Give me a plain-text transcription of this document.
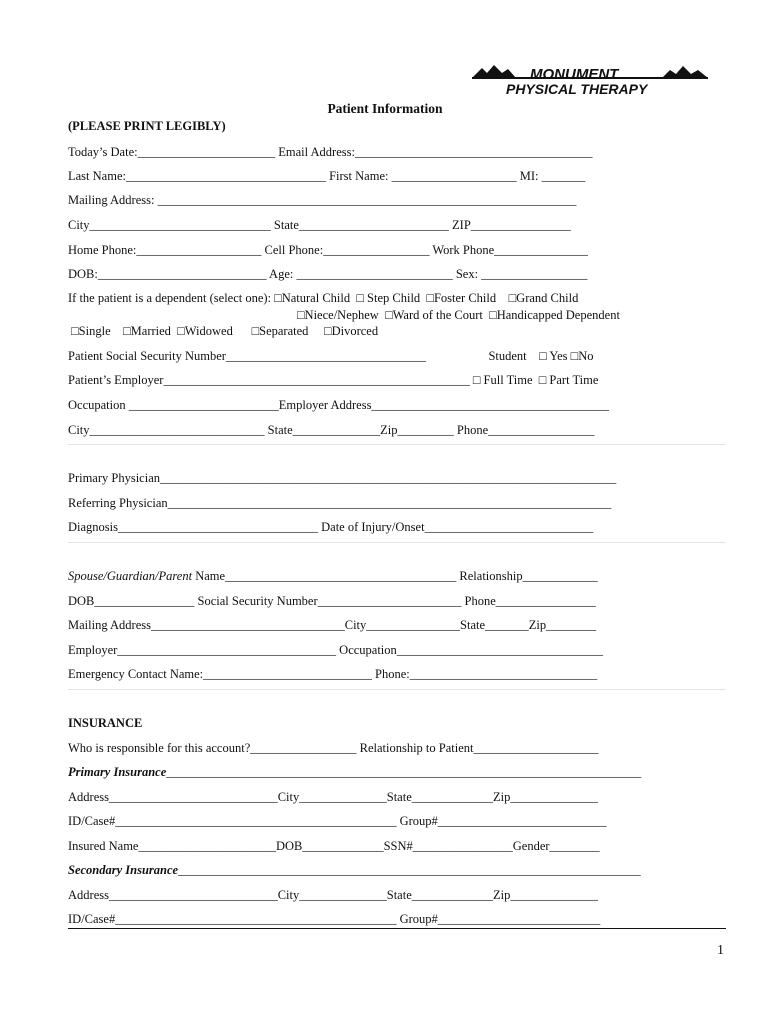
MONUMENT
PHYSICAL THERAPY
Patient Information
(PLEASE PRINT LEGIBLY)
Today’s Date:______________________ Email Address:______________________________________
Last Name:________________________________ First Name: ____________________ MI: _______
Mailing Address: ___________________________________________________________________
City_____________________________ State________________________ ZIP________________
Home Phone:____________________ Cell Phone:_________________ Work Phone_______________
DOB:___________________________ Age: _________________________ Sex: _________________
If the patient is a dependent (select one): □Natural Child  □ Step Child  □Foster Child    □Grand Child
□Niece/Nephew  □Ward of the Court  □Handicapped Dependent
□Single    □Married  □Widowed      □Separated     □Divorced
Patient Social Security Number________________________________                    Student    □ Yes □No
Patient’s Employer_________________________________________________ □ Full Time  □ Part Time
Occupation ________________________Employer Address______________________________________
City____________________________ State______________Zip_________ Phone_________________
Primary Physician_________________________________________________________________________
Referring Physician_______________________________________________________________________
Diagnosis________________________________ Date of Injury/Onset___________________________
Spouse/Guardian/Parent Name_____________________________________ Relationship____________
DOB________________ Social Security Number_______________________ Phone________________
Mailing Address_______________________________City_______________State_______Zip________
Employer___________________________________ Occupation_________________________________
Emergency Contact Name:___________________________ Phone:______________________________
INSURANCE
Who is responsible for this account?_________________ Relationship to Patient____________________
Primary Insurance____________________________________________________________________________
Address___________________________City______________State_____________Zip______________
ID/Case#_____________________________________________ Group#___________________________
Insured Name______________________DOB_____________SSN#________________Gender________
Secondary Insurance__________________________________________________________________________
Address___________________________City______________State_____________Zip______________
ID/Case#_____________________________________________ Group#__________________________
1
